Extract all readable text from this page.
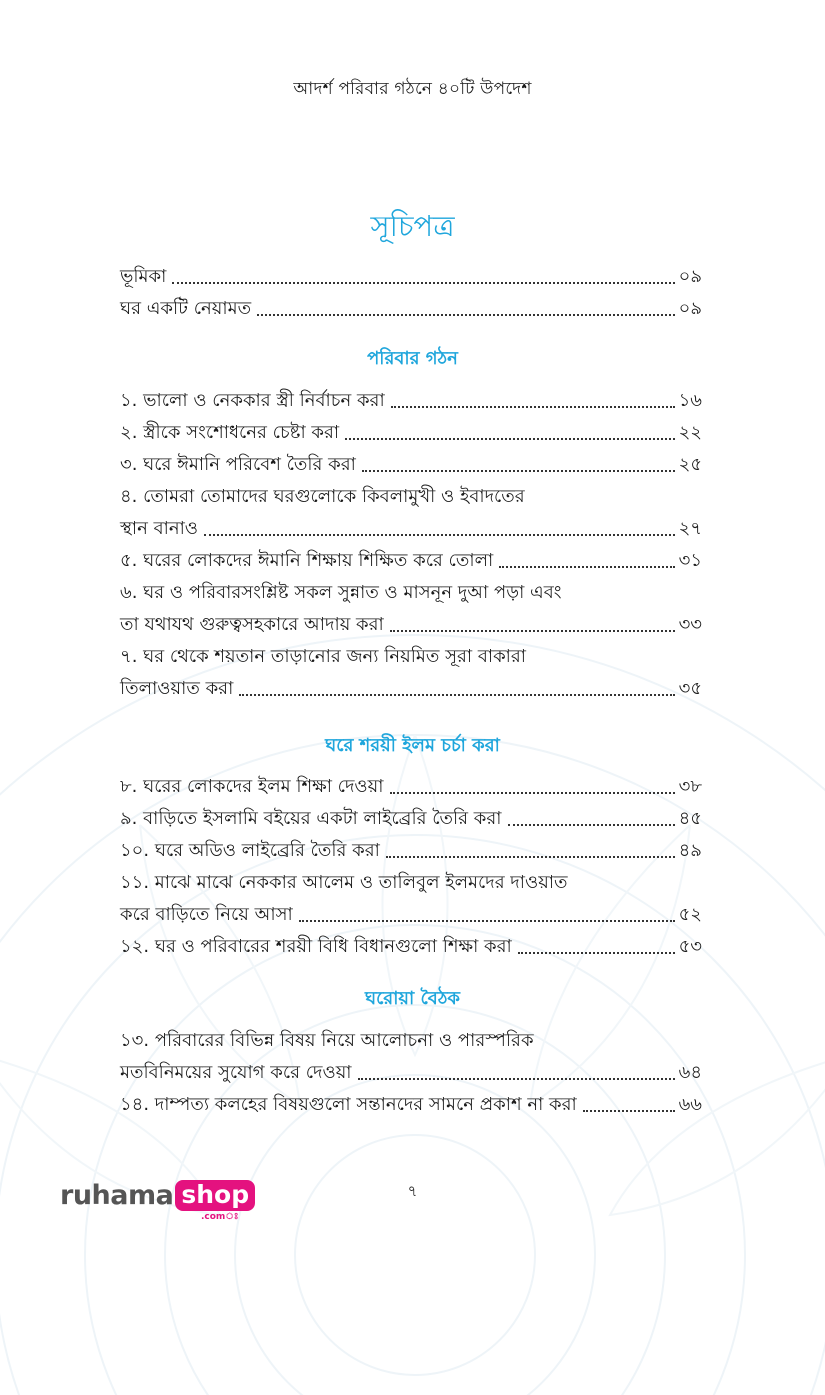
আদর্শ পরিবার গঠনে ৪০টি উপদেশ
সূচিপত্র
ভূমিকা	০৯
ঘর একটি নেয়ামত	০৯
পরিবার গঠন
১. ভালো ও নেককার স্ত্রী নির্বাচন করা	১৬
২. স্ত্রীকে সংশোধনের চেষ্টা করা	২২
৩. ঘরে ঈমানি পরিবেশ তৈরি করা	২৫
৪. তোমরা তোমাদের ঘরগুলোকে কিবলামুখী ও ইবাদতের
স্থান বানাও	২৭
৫. ঘরের লোকদের ঈমানি শিক্ষায় শিক্ষিত করে তোলা	৩১
৬. ঘর ও পরিবারসংশ্লিষ্ট সকল সুন্নাত ও মাসনূন দুআ পড়া এবং
তা যথাযথ গুরুত্বসহকারে আদায় করা	৩৩
৭. ঘর থেকে শয়তান তাড়ানোর জন্য নিয়মিত সূরা বাকারা
তিলাওয়াত করা	৩৫
ঘরে শরয়ী ইলম চর্চা করা
৮. ঘরের লোকদের ইলম শিক্ষা দেওয়া	৩৮
৯. বাড়িতে ইসলামি বইয়ের একটা লাইব্রেরি তৈরি করা	৪৫
১০. ঘরে অডিও লাইব্রেরি তৈরি করা	৪৯
১১. মাঝে মাঝে নেককার আলেম ও তালিবুল ইলমদের দাওয়াত
করে বাড়িতে নিয়ে আসা	৫২
১২. ঘর ও পরিবারের শরয়ী বিধি বিধানগুলো শিক্ষা করা	৫৩
ঘরোয়া বৈঠক
১৩. পরিবারের বিভিন্ন বিষয় নিয়ে আলোচনা ও পারস্পরিক
মতবিনিময়ের সুযোগ করে দেওয়া	৬৪
১৪. দাম্পত্য কলহের বিষয়গুলো সন্তানদের সামনে প্রকাশ না করা	৬৬
ruhama shop
.comঃ
৭
